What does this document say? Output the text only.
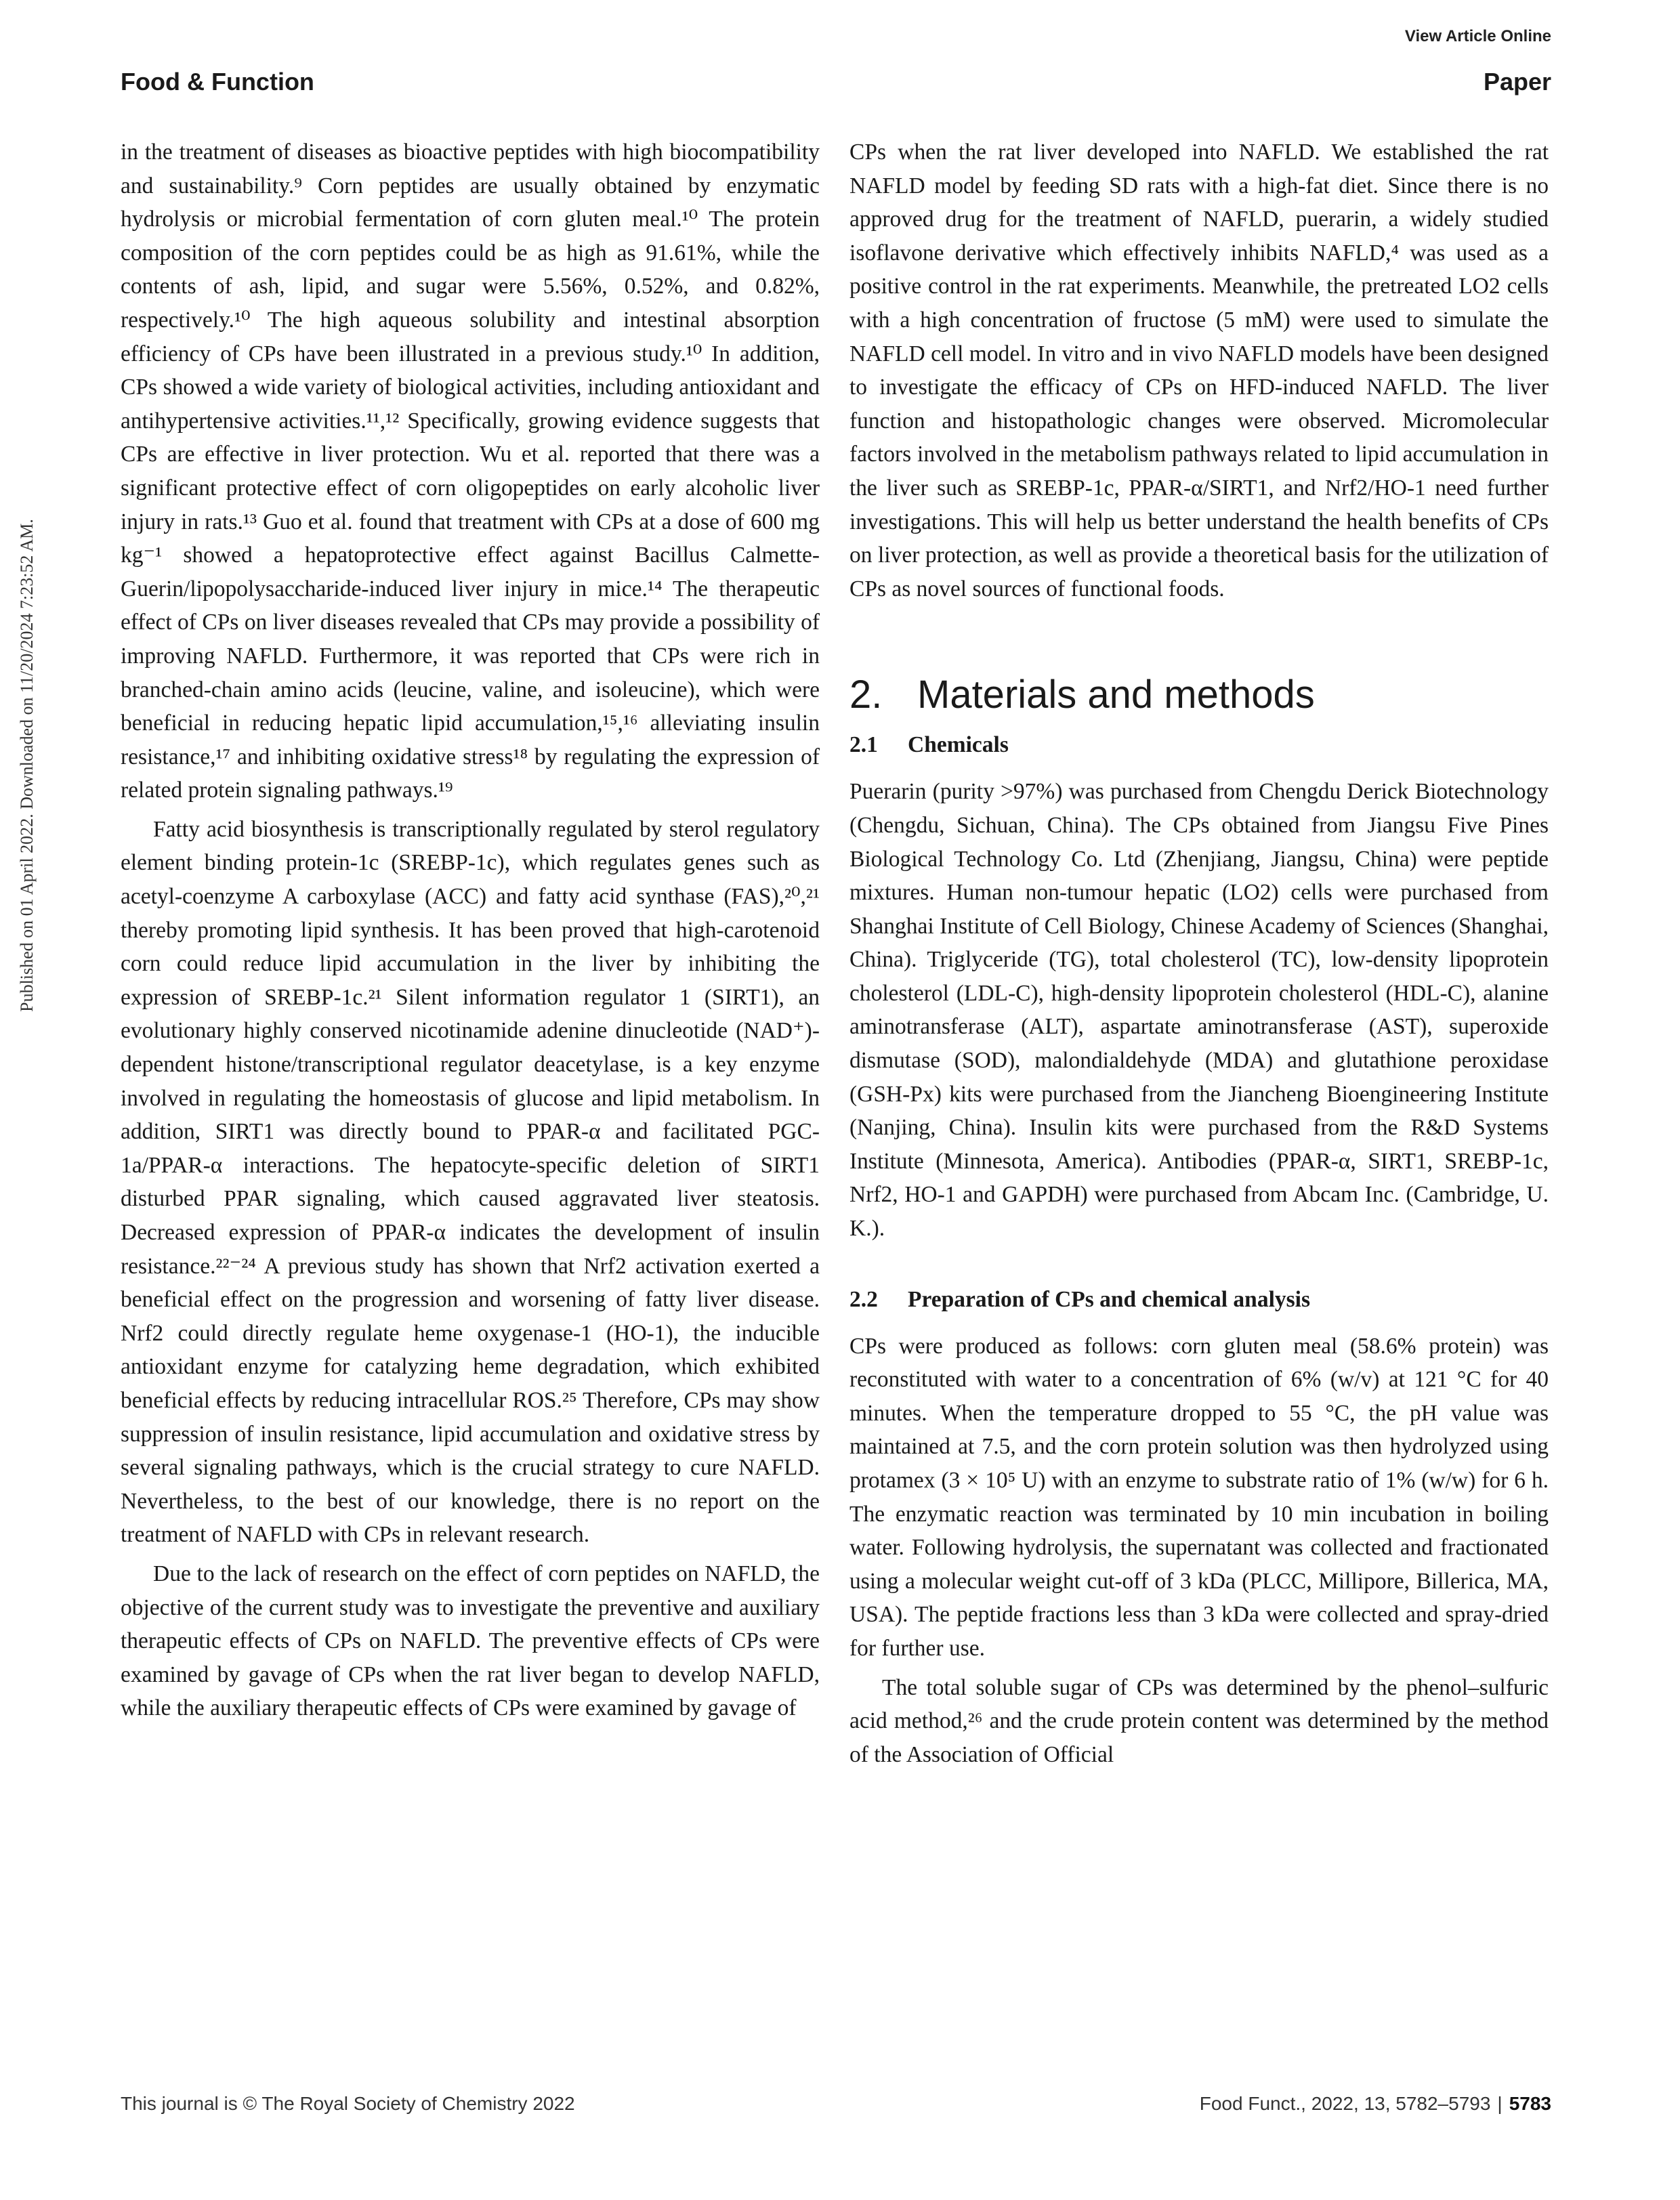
View Article Online
Food & Function	Paper
Published on 01 April 2022. Downloaded on 11/20/2024 7:23:52 AM.

in the treatment of diseases as bioactive peptides with high biocompatibility and sustainability.⁹ Corn peptides are usually obtained by enzymatic hydrolysis or microbial fermentation of corn gluten meal.¹⁰ The protein composition of the corn peptides could be as high as 91.61%, while the contents of ash, lipid, and sugar were 5.56%, 0.52%, and 0.82%, respectively.¹⁰ The high aqueous solubility and intestinal absorption efficiency of CPs have been illustrated in a previous study.¹⁰ In addition, CPs showed a wide variety of biological activities, including antioxidant and antihypertensive activities.¹¹,¹² Specifically, growing evidence suggests that CPs are effective in liver protection. Wu et al. reported that there was a significant protective effect of corn oligopeptides on early alcoholic liver injury in rats.¹³ Guo et al. found that treatment with CPs at a dose of 600 mg kg⁻¹ showed a hepatoprotective effect against Bacillus Calmette-Guerin/lipopolysaccharide-induced liver injury in mice.¹⁴ The therapeutic effect of CPs on liver diseases revealed that CPs may provide a possibility of improving NAFLD. Furthermore, it was reported that CPs were rich in branched-chain amino acids (leucine, valine, and isoleucine), which were beneficial in reducing hepatic lipid accumulation,¹⁵,¹⁶ alleviating insulin resistance,¹⁷ and inhibiting oxidative stress¹⁸ by regulating the expression of related protein signaling pathways.¹⁹

Fatty acid biosynthesis is transcriptionally regulated by sterol regulatory element binding protein-1c (SREBP-1c), which regulates genes such as acetyl-coenzyme A carboxylase (ACC) and fatty acid synthase (FAS),²⁰,²¹ thereby promoting lipid synthesis. It has been proved that high-carotenoid corn could reduce lipid accumulation in the liver by inhibiting the expression of SREBP-1c.²¹ Silent information regulator 1 (SIRT1), an evolutionary highly conserved nicotinamide adenine dinucleotide (NAD⁺)-dependent histone/transcriptional regulator deacetylase, is a key enzyme involved in regulating the homeostasis of glucose and lipid metabolism. In addition, SIRT1 was directly bound to PPAR-α and facilitated PGC-1a/PPAR-α interactions. The hepatocyte-specific deletion of SIRT1 disturbed PPAR signaling, which caused aggravated liver steatosis. Decreased expression of PPAR-α indicates the development of insulin resistance.²²⁻²⁴ A previous study has shown that Nrf2 activation exerted a beneficial effect on the progression and worsening of fatty liver disease. Nrf2 could directly regulate heme oxygenase-1 (HO-1), the inducible antioxidant enzyme for catalyzing heme degradation, which exhibited beneficial effects by reducing intracellular ROS.²⁵ Therefore, CPs may show suppression of insulin resistance, lipid accumulation and oxidative stress by several signaling pathways, which is the crucial strategy to cure NAFLD. Nevertheless, to the best of our knowledge, there is no report on the treatment of NAFLD with CPs in relevant research.

Due to the lack of research on the effect of corn peptides on NAFLD, the objective of the current study was to investigate the preventive and auxiliary therapeutic effects of CPs on NAFLD. The preventive effects of CPs were examined by gavage of CPs when the rat liver began to develop NAFLD, while the auxiliary therapeutic effects of CPs were examined by gavage of

CPs when the rat liver developed into NAFLD. We established the rat NAFLD model by feeding SD rats with a high-fat diet. Since there is no approved drug for the treatment of NAFLD, puerarin, a widely studied isoflavone derivative which effectively inhibits NAFLD,⁴ was used as a positive control in the rat experiments. Meanwhile, the pretreated LO2 cells with a high concentration of fructose (5 mM) were used to simulate the NAFLD cell model. In vitro and in vivo NAFLD models have been designed to investigate the efficacy of CPs on HFD-induced NAFLD. The liver function and histopathologic changes were observed. Micromolecular factors involved in the metabolism pathways related to lipid accumulation in the liver such as SREBP-1c, PPAR-α/SIRT1, and Nrf2/HO-1 need further investigations. This will help us better understand the health benefits of CPs on liver protection, as well as provide a theoretical basis for the utilization of CPs as novel sources of functional foods.

2. Materials and methods
2.1 Chemicals

Puerarin (purity >97%) was purchased from Chengdu Derick Biotechnology (Chengdu, Sichuan, China). The CPs obtained from Jiangsu Five Pines Biological Technology Co. Ltd (Zhenjiang, Jiangsu, China) were peptide mixtures. Human non-tumour hepatic (LO2) cells were purchased from Shanghai Institute of Cell Biology, Chinese Academy of Sciences (Shanghai, China). Triglyceride (TG), total cholesterol (TC), low-density lipoprotein cholesterol (LDL-C), high-density lipoprotein cholesterol (HDL-C), alanine aminotransferase (ALT), aspartate aminotransferase (AST), superoxide dismutase (SOD), malondialdehyde (MDA) and glutathione peroxidase (GSH-Px) kits were purchased from the Jiancheng Bioengineering Institute (Nanjing, China). Insulin kits were purchased from the R&D Systems Institute (Minnesota, America). Antibodies (PPAR-α, SIRT1, SREBP-1c, Nrf2, HO-1 and GAPDH) were purchased from Abcam Inc. (Cambridge, U. K.).

2.2 Preparation of CPs and chemical analysis

CPs were produced as follows: corn gluten meal (58.6% protein) was reconstituted with water to a concentration of 6% (w/v) at 121 °C for 40 minutes. When the temperature dropped to 55 °C, the pH value was maintained at 7.5, and the corn protein solution was then hydrolyzed using protamex (3 × 10⁵ U) with an enzyme to substrate ratio of 1% (w/w) for 6 h. The enzymatic reaction was terminated by 10 min incubation in boiling water. Following hydrolysis, the supernatant was collected and fractionated using a molecular weight cut-off of 3 kDa (PLCC, Millipore, Billerica, MA, USA). The peptide fractions less than 3 kDa were collected and spray-dried for further use.

The total soluble sugar of CPs was determined by the phenol–sulfuric acid method,²⁶ and the crude protein content was determined by the method of the Association of Official

This journal is © The Royal Society of Chemistry 2022	Food Funct., 2022, 13, 5782–5793 | 5783
